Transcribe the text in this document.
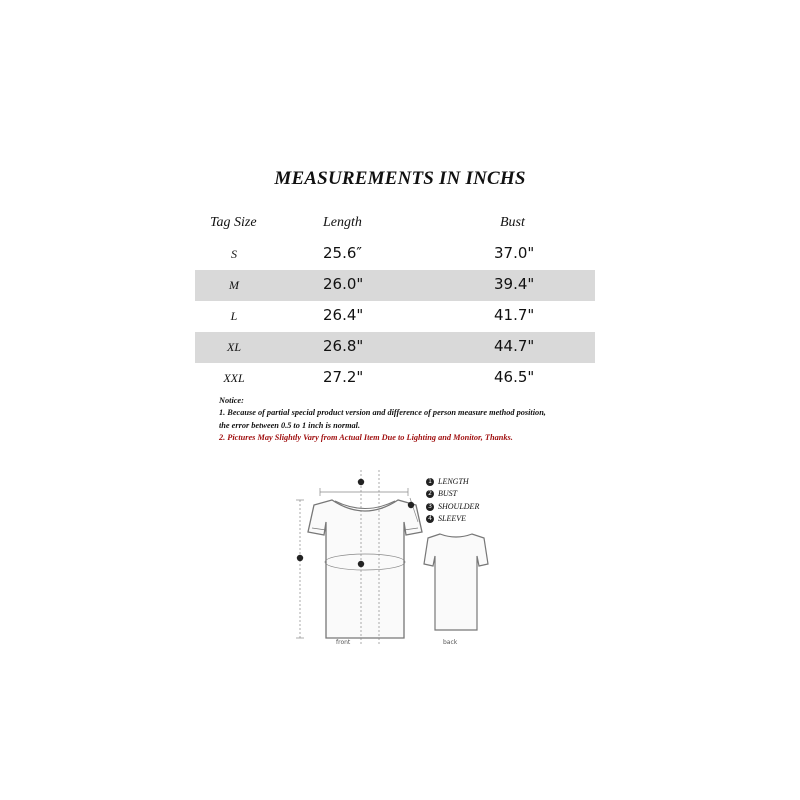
MEASUREMENTS IN INCHS
Tag Size	Length	Bust
S	25.6″	37.0"
M	26.0"	39.4"
L	26.4"	41.7"
XL	26.8"	44.7"
XXL	27.2"	46.5"
Notice:
1. Because of partial special product version and difference of person measure method position,
the error between 0.5 to 1 inch is normal.
2. Pictures May Slightly Vary from Actual Item Due to Lighting and Monitor, Thanks.
1 LENGTH
2 BUST
3 SHOULDER
4 SLEEVE
front	back
